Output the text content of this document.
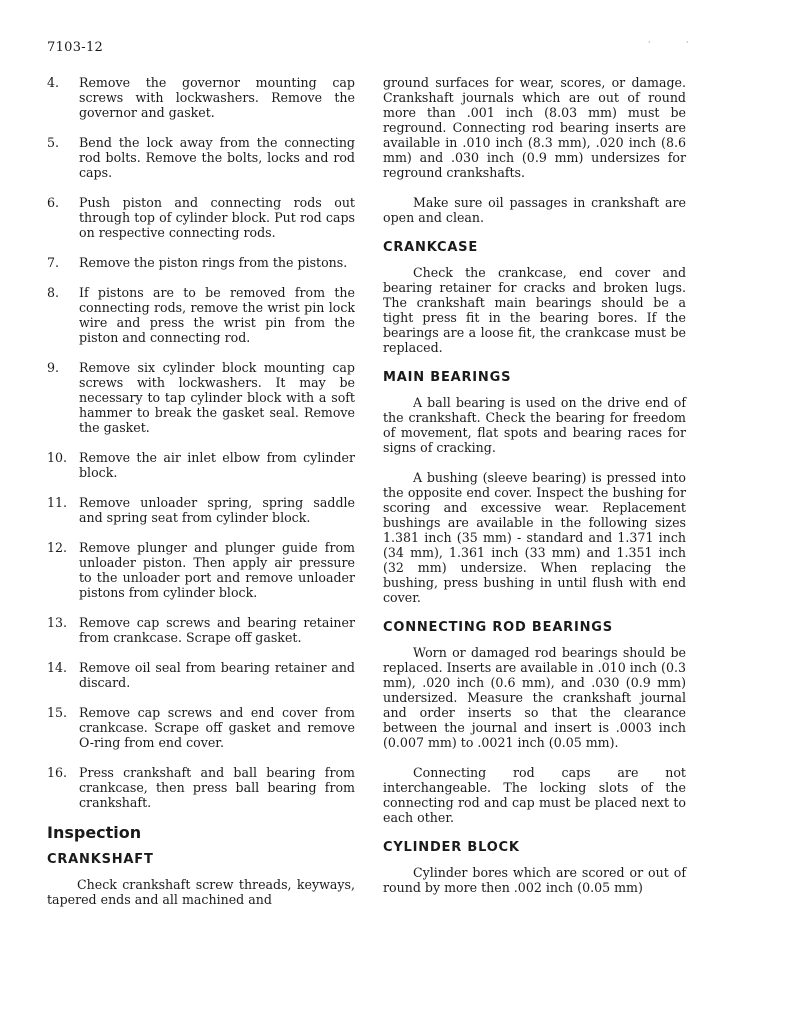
7103-12	·	·
4.	Remove the governor mounting cap screws with lockwashers. Remove the governor and gasket.
5.	Bend the lock away from the connecting rod bolts. Remove the bolts, locks and rod caps.
6.	Push piston and connecting rods out through top of cylinder block. Put rod caps on respective connecting rods.
7.	Remove the piston rings from the pistons.
8.	If pistons are to be removed from the connecting rods, remove the wrist pin lock wire and press the wrist pin from the piston and connecting rod.
9.	Remove six cylinder block mounting cap screws with lockwashers. It may be necessary to tap cylinder block with a soft hammer to break the gasket seal. Remove the gasket.
10. Remove the air inlet elbow from cylinder block.
11. Remove unloader spring, spring saddle and spring seat from cylinder block.
12. Remove plunger and plunger guide from unloader piston. Then apply air pressure to the unloader port and remove unloader pistons from cylinder block.
13. Remove cap screws and bearing retainer from crankcase. Scrape off gasket.
14. Remove oil seal from bearing retainer and discard.
15. Remove cap screws and end cover from crankcase. Scrape off gasket and remove O-ring from end cover.
16. Press crankshaft and ball bearing from crankcase, then press ball bearing from crankshaft.
Inspection
CRANKSHAFT

Check crankshaft screw threads, keyways, tapered ends and all machined and

ground surfaces for wear, scores, or damage. Crankshaft journals which are out of round more than .001 inch (8.03 mm) must be reground. Connecting rod bearing inserts are available in .010 inch (8.3 mm), .020 inch (8.6 mm) and .030 inch (0.9 mm) undersizes for reground crankshafts.

Make sure oil passages in crankshaft are open and clean.

CRANKCASE

Check the crankcase, end cover and bearing retainer for cracks and broken lugs. The crankshaft main bearings should be a tight press fit in the bearing bores. If the bearings are a loose fit, the crankcase must be replaced.

MAIN BEARINGS

A ball bearing is used on the drive end of the crankshaft. Check the bearing for freedom of movement, flat spots and bearing races for signs of cracking.

A bushing (sleeve bearing) is pressed into the opposite end cover. Inspect the bushing for scoring and excessive wear. Replacement bushings are available in the following sizes 1.381 inch (35 mm) - standard and 1.371 inch (34 mm), 1.361 inch (33 mm) and 1.351 inch (32 mm) undersize. When replacing the bushing, press bushing in until flush with end cover.

CONNECTING ROD BEARINGS

Worn or damaged rod bearings should be replaced. Inserts are available in .010 inch (0.3 mm), .020 inch (0.6 mm), and .030 (0.9 mm) undersized. Measure the crankshaft journal and order inserts so that the clearance between the journal and insert is .0003 inch (0.007 mm) to .0021 inch (0.05 mm).

Connecting rod caps are not interchangeable. The locking slots of the connecting rod and cap must be placed next to each other.

CYLINDER BLOCK

Cylinder bores which are scored or out of round by more then .002 inch (0.05 mm)
